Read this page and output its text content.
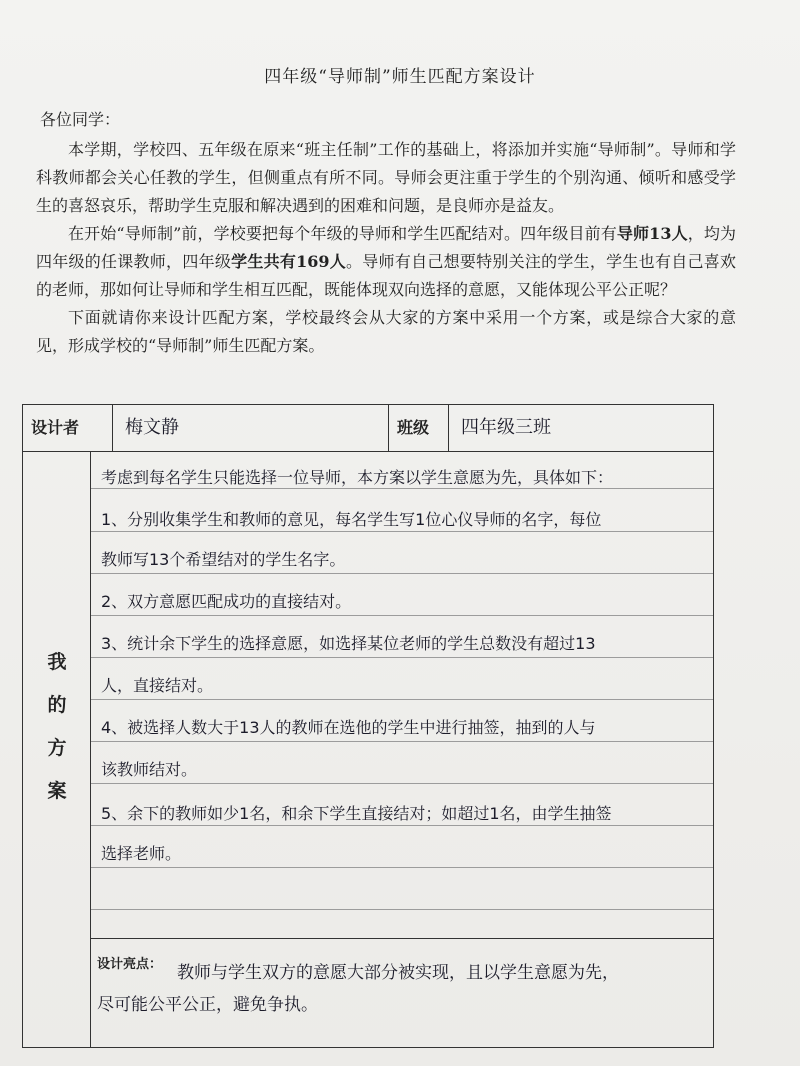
四年级“导师制”师生匹配方案设计
各位同学：

本学期，学校四、五年级在原来“班主任制”工作的基础上，将添加并实施“导师制”。导师和学科教师都会关心任教的学生，但侧重点有所不同。导师会更注重于学生的个别沟通、倾听和感受学生的喜怒哀乐，帮助学生克服和解决遇到的困难和问题，是良师亦是益友。

在开始“导师制”前，学校要把每个年级的导师和学生匹配结对。四年级目前有导师13人，均为四年级的任课教师，四年级学生共有169人。导师有自己想要特别关注的学生，学生也有自己喜欢的老师，那如何让导师和学生相互匹配，既能体现双向选择的意愿，又能体现公平公正呢？

下面就请你来设计匹配方案，学校最终会从大家的方案中采用一个方案，或是综合大家的意见，形成学校的“导师制”师生匹配方案。

设计者	梅文静	班级	四年级三班
我
的
方
案
考虑到每名学生只能选择一位导师，本方案以学生意愿为先，具体如下：
1、分别收集学生和教师的意见，每名学生写1位心仪导师的名字，每位
教师写13个希望结对的学生名字。
2、双方意愿匹配成功的直接结对。
3、统计余下学生的选择意愿，如选择某位老师的学生总数没有超过13
人，直接结对。
4、被选择人数大于13人的教师在选他的学生中进行抽签，抽到的人与
该教师结对。
5、余下的教师如少1名，和余下学生直接结对；如超过1名，由学生抽签
选择老师。
设计亮点： 教师与学生双方的意愿大部分被实现，且以学生意愿为先，
尽可能公平公正，避免争执。
